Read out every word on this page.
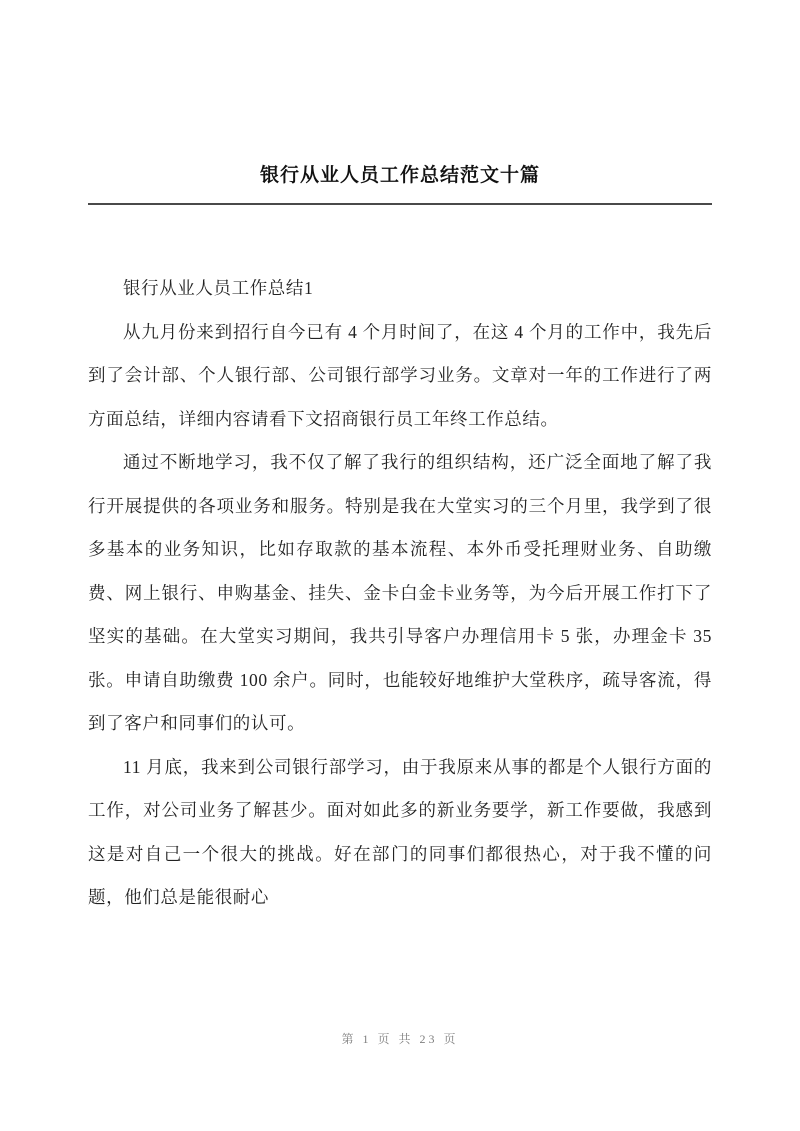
银行从业人员工作总结范文十篇

银行从业人员工作总结1

从九月份来到招行自今已有 4 个月时间了，在这 4 个月的工作中，我先后到了会计部、个人银行部、公司银行部学习业务。文章对一年的工作进行了两方面总结，详细内容请看下文招商银行员工年终工作总结。

通过不断地学习，我不仅了解了我行的组织结构，还广泛全面地了解了我行开展提供的各项业务和服务。特别是我在大堂实习的三个月里，我学到了很多基本的业务知识，比如存取款的基本流程、本外币受托理财业务、自助缴费、网上银行、申购基金、挂失、金卡白金卡业务等，为今后开展工作打下了坚实的基础。在大堂实习期间，我共引导客户办理信用卡 5 张，办理金卡 35 张。申请自助缴费 100 余户。同时，也能较好地维护大堂秩序，疏导客流，得到了客户和同事们的认可。

11 月底，我来到公司银行部学习，由于我原来从事的都是个人银行方面的工作，对公司业务了解甚少。面对如此多的新业务要学，新工作要做，我感到这是对自己一个很大的挑战。好在部门的同事们都很热心，对于我不懂的问题，他们总是能很耐心

第 1 页 共 23 页
